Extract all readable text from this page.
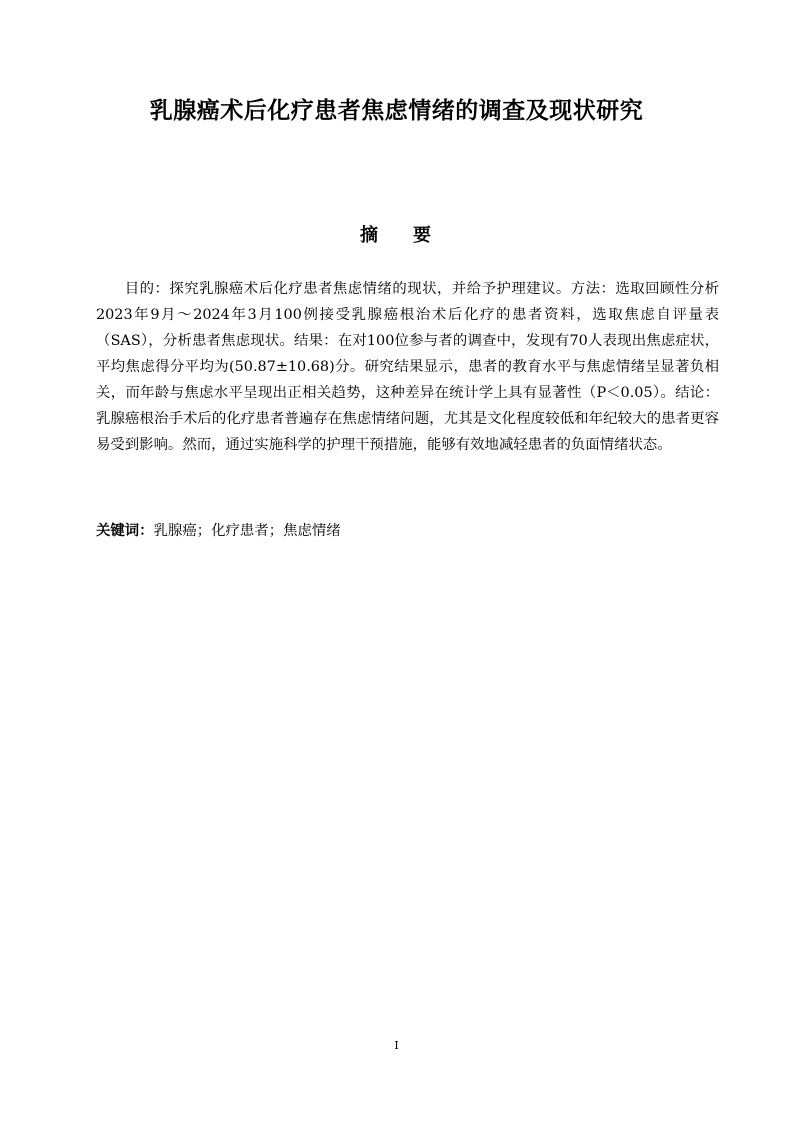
乳腺癌术后化疗患者焦虑情绪的调查及现状研究
摘    要

目的：探究乳腺癌术后化疗患者焦虑情绪的现状，并给予护理建议。方法：选取回顾性分析2023年9月～2024年3月100例接受乳腺癌根治术后化疗的患者资料，选取焦虑自评量表（SAS），分析患者焦虑现状。结果：在对100位参与者的调查中，发现有70人表现出焦虑症状，平均焦虑得分平均为(50.87±10.68)分。研究结果显示，患者的教育水平与焦虑情绪呈显著负相关，而年龄与焦虑水平呈现出正相关趋势，这种差异在统计学上具有显著性（P＜0.05）。结论：乳腺癌根治手术后的化疗患者普遍存在焦虑情绪问题，尤其是文化程度较低和年纪较大的患者更容易受到影响。然而，通过实施科学的护理干预措施，能够有效地减轻患者的负面情绪状态。

关键词：乳腺癌；化疗患者；焦虑情绪
I
